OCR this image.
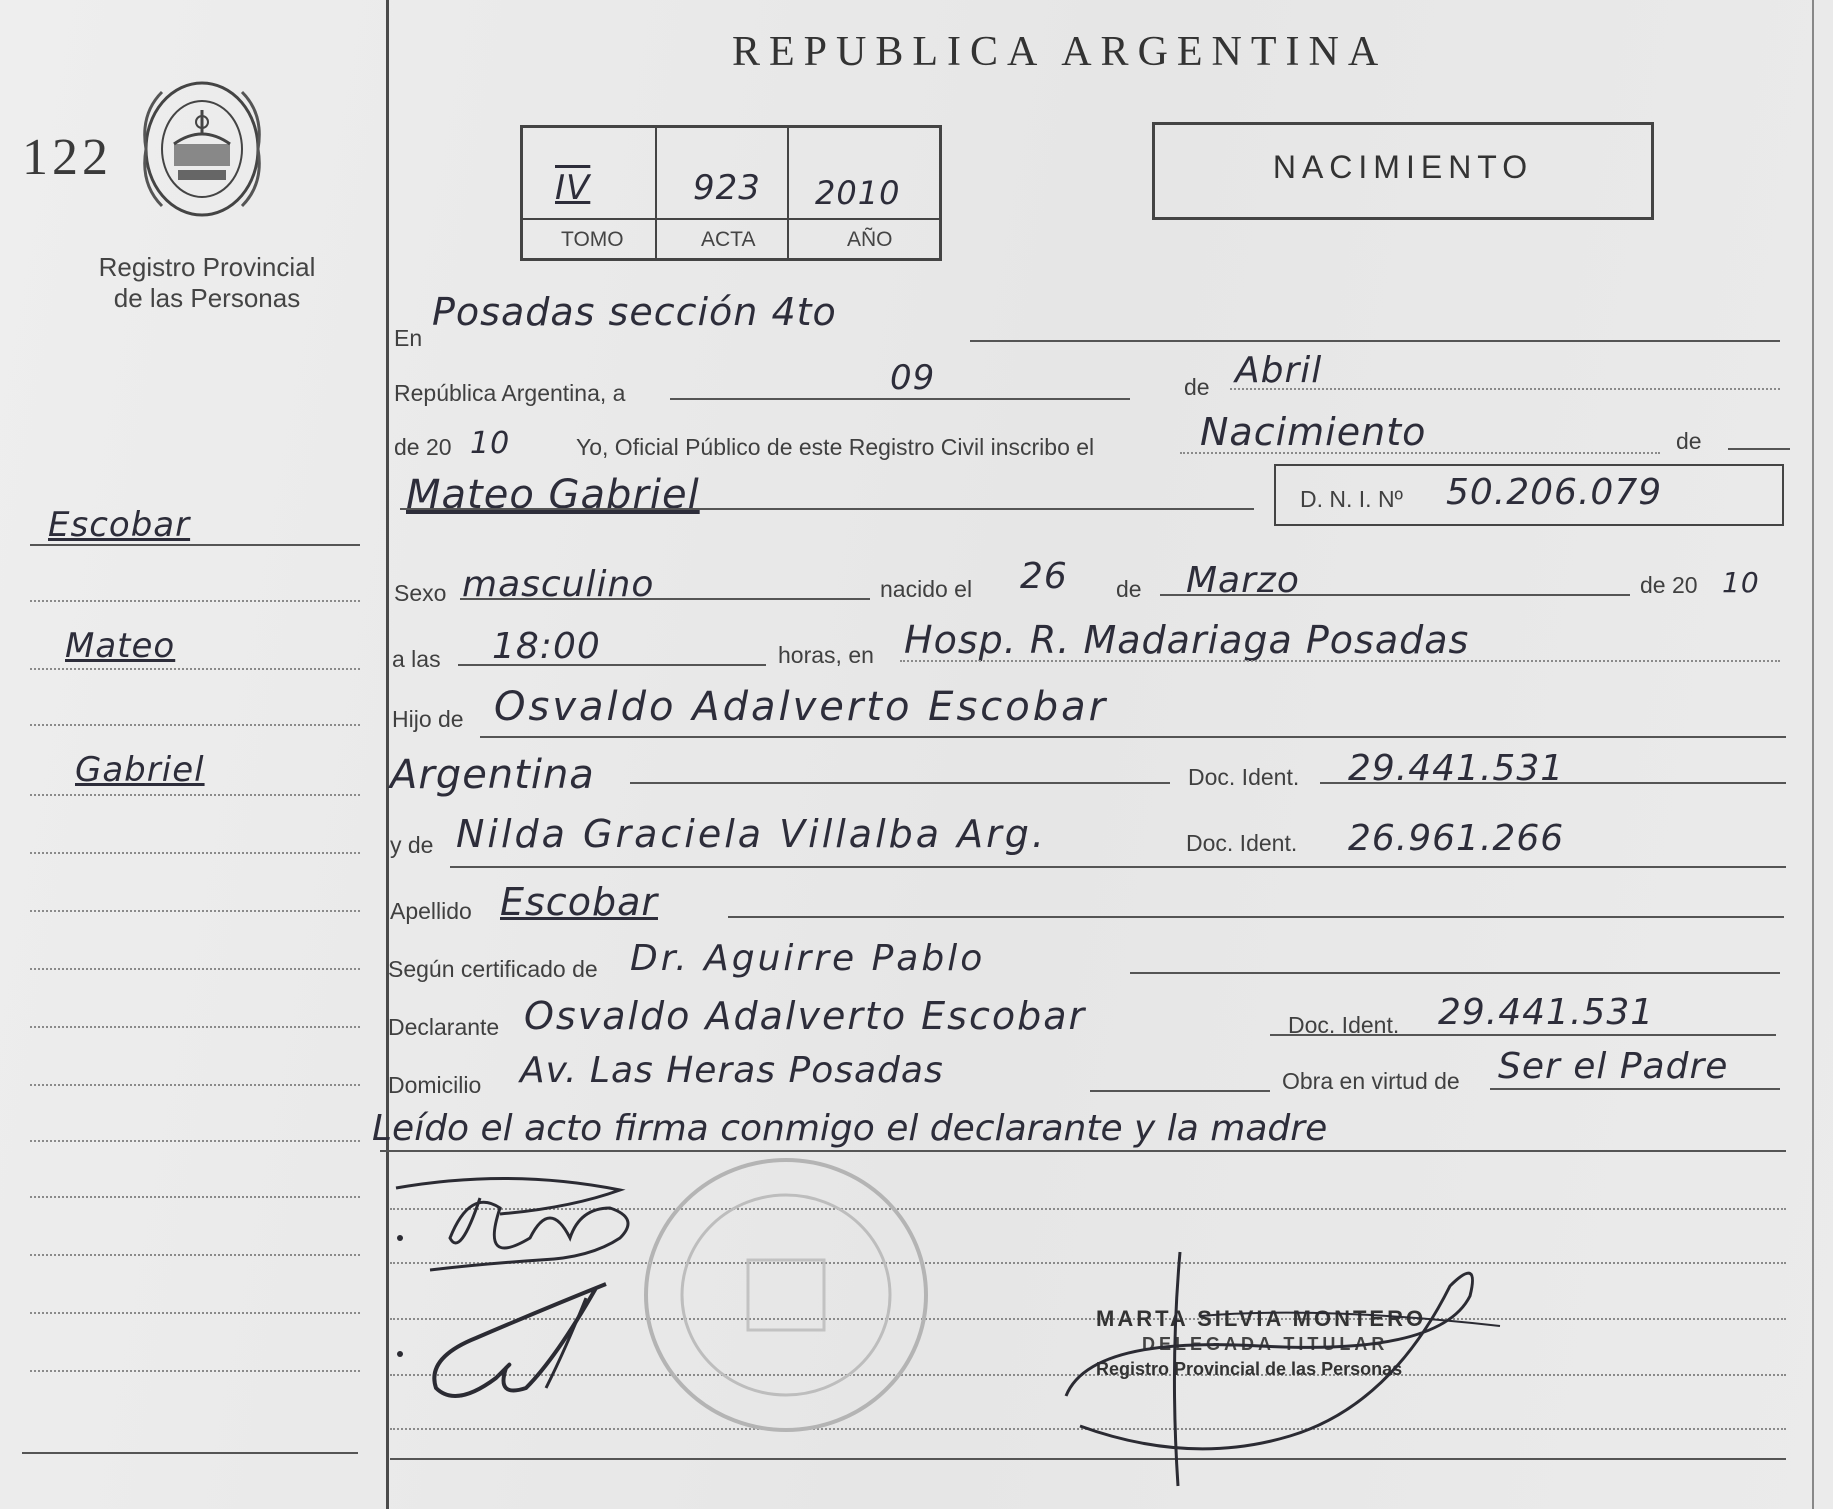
122
Registro Provincial
de las Personas
Escobar
Mateo
Gabriel
REPUBLICA ARGENTINA
IV	923 2010
TOMO	ACTA	AÑO
NACIMIENTO
En
Posadas sección 4to
República Argentina, a	09	de Abril
de 20 10	Yo, Oficial Público de este Registro Civil inscribo el	Nacimiento	de
Mateo Gabriel	D. N. I. Nº 50.206.079
Sexo masculino	nacido el 26 de Marzo	de 20 10
a las 18:00	horas, en Hosp. R. Madariaga Posadas
Hijo de Osvaldo Adalverto Escobar
Argentina	Doc. Ident. 29.441.531
y de Nilda Graciela Villalba Arg.	Doc. Ident. 26.961.266
Apellido Escobar
Según certificado de Dr. Aguirre Pablo
Declarante Osvaldo Adalverto Escobar	Doc. Ident. 29.441.531
Domicilio Av. Las Heras Posadas	Obra en virtud de Ser el Padre
Leído el acto firma conmigo el declarante y la madre
MARTA SILVIA MONTERO
DELEGADA TITULAR
Registro Provincial de las Personas
